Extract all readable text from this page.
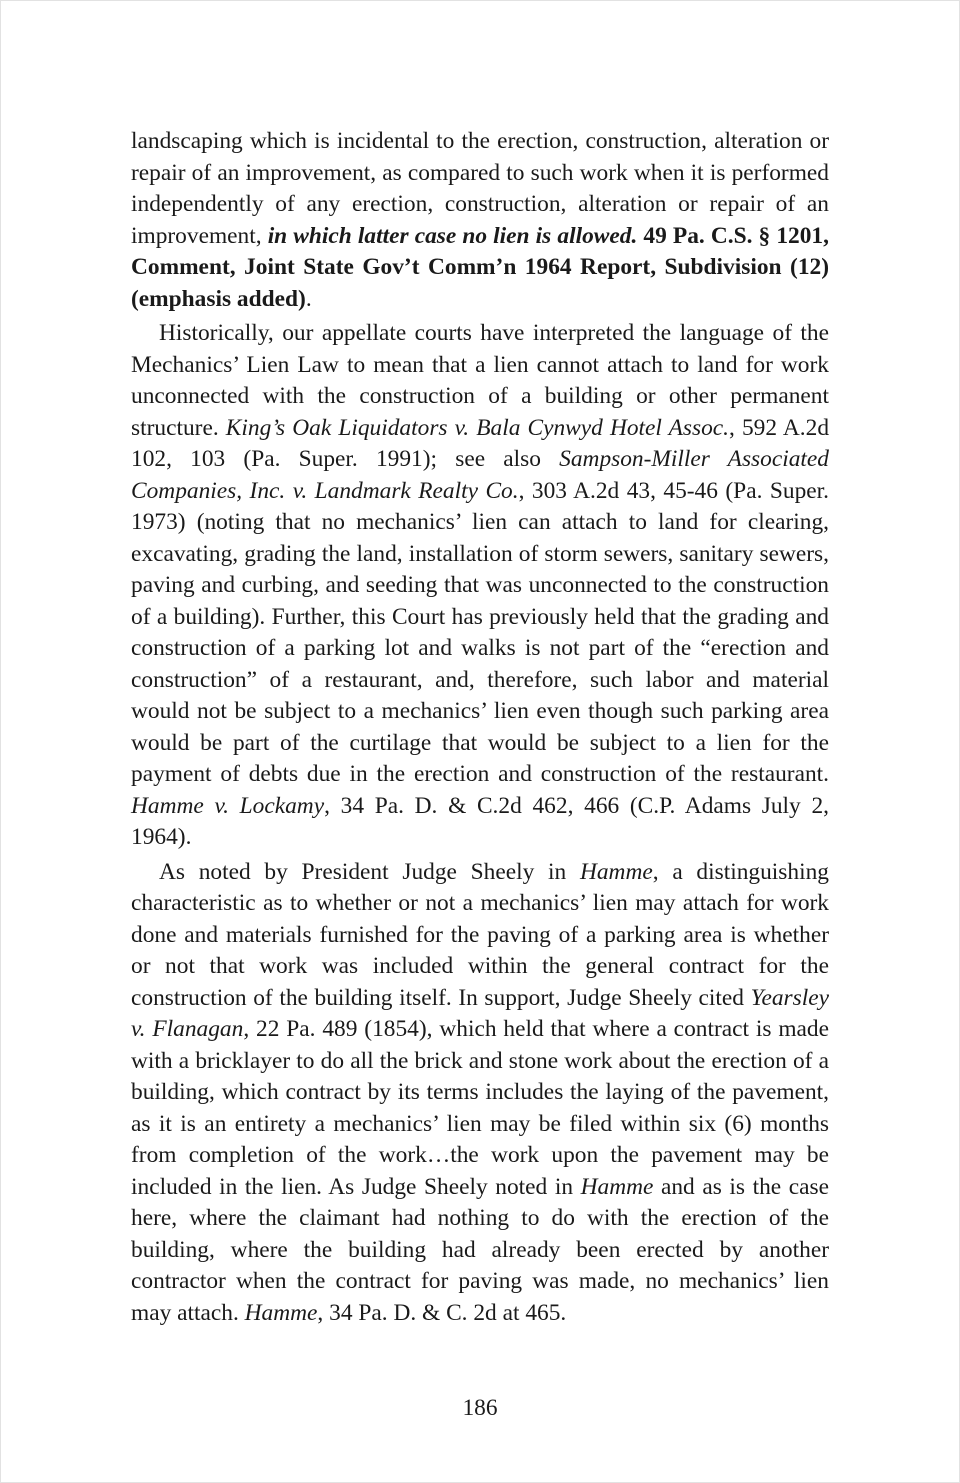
landscaping which is incidental to the erection, construction, alteration or repair of an improvement, as compared to such work when it is performed independently of any erection, construction, alteration or repair of an improvement, in which latter case no lien is allowed. 49 Pa. C.S. § 1201, Comment, Joint State Gov’t Comm’n 1964 Report, Subdivision (12) (emphasis added).

Historically, our appellate courts have interpreted the language of the Mechanics’ Lien Law to mean that a lien cannot attach to land for work unconnected with the construction of a building or other permanent structure. King’s Oak Liquidators v. Bala Cynwyd Hotel Assoc., 592 A.2d 102, 103 (Pa. Super. 1991); see also Sampson-Miller Associated Companies, Inc. v. Landmark Realty Co., 303 A.2d 43, 45-46 (Pa. Super. 1973) (noting that no mechanics’ lien can attach to land for clearing, excavating, grading the land, installation of storm sewers, sanitary sewers, paving and curbing, and seeding that was unconnected to the construction of a building). Further, this Court has previously held that the grading and construction of a parking lot and walks is not part of the “erection and construction” of a restaurant, and, therefore, such labor and material would not be subject to a mechanics’ lien even though such parking area would be part of the curtilage that would be subject to a lien for the payment of debts due in the erection and construction of the restaurant. Hamme v. Lockamy, 34 Pa. D. & C.2d 462, 466 (C.P. Adams July 2, 1964).

As noted by President Judge Sheely in Hamme, a distinguishing characteristic as to whether or not a mechanics’ lien may attach for work done and materials furnished for the paving of a parking area is whether or not that work was included within the general contract for the construction of the building itself. In support, Judge Sheely cited Yearsley v. Flanagan, 22 Pa. 489 (1854), which held that where a contract is made with a bricklayer to do all the brick and stone work about the erection of a building, which contract by its terms includes the laying of the pavement, as it is an entirety a mechanics’ lien may be filed within six (6) months from completion of the work…the work upon the pavement may be included in the lien. As Judge Sheely noted in Hamme and as is the case here, where the claimant had nothing to do with the erection of the building, where the building had already been erected by another contractor when the contract for paving was made, no mechanics’ lien may attach. Hamme, 34 Pa. D. & C. 2d at 465.

186
